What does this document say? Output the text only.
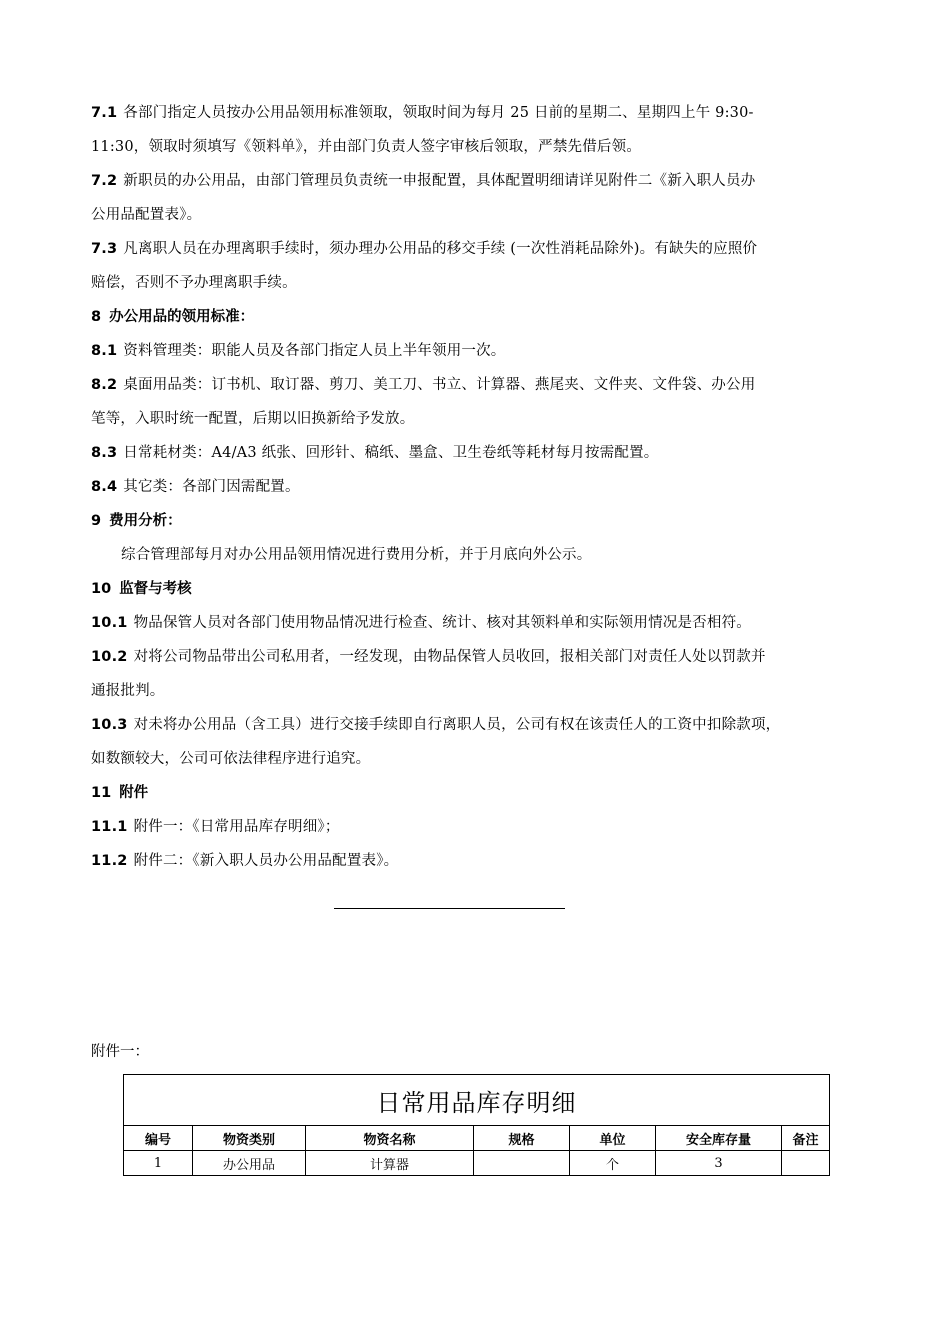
7.1 各部门指定人员按办公用品领用标准领取，领取时间为每月 25 日前的星期二、星期四上午 9:30-
11:30，领取时须填写《领料单》，并由部门负责人签字审核后领取，严禁先借后领。
7.2 新职员的办公用品，由部门管理员负责统一申报配置，具体配置明细请详见附件二《新入职人员办
公用品配置表》。
7.3 凡离职人员在办理离职手续时，须办理办公用品的移交手续 (一次性消耗品除外)。有缺失的应照价
赔偿，否则不予办理离职手续。
8 办公用品的领用标准：
8.1 资料管理类：职能人员及各部门指定人员上半年领用一次。
8.2 桌面用品类：订书机、取订器、剪刀、美工刀、书立、计算器、燕尾夹、文件夹、文件袋、办公用
笔等，入职时统一配置，后期以旧换新给予发放。
8.3 日常耗材类：A4/A3 纸张、回形针、稿纸、墨盒、卫生卷纸等耗材每月按需配置。
8.4 其它类：各部门因需配置。
9 费用分析：
综合管理部每月对办公用品领用情况进行费用分析，并于月底向外公示。
10 监督与考核
10.1 物品保管人员对各部门使用物品情况进行检查、统计、核对其领料单和实际领用情况是否相符。
10.2 对将公司物品带出公司私用者，一经发现，由物品保管人员收回，报相关部门对责任人处以罚款并
通报批判。
10.3 对未将办公用品（含工具）进行交接手续即自行离职人员，公司有权在该责任人的工资中扣除款项，
如数额较大，公司可依法律程序进行追究。
11 附件
11.1 附件一：《日常用品库存明细》；
11.2 附件二：《新入职人员办公用品配置表》。
附件一：
日常用品库存明细						
编号	物资类别	物资名称	规格	单位	安全库存量	备注
1	办公用品	计算器		个	3	
